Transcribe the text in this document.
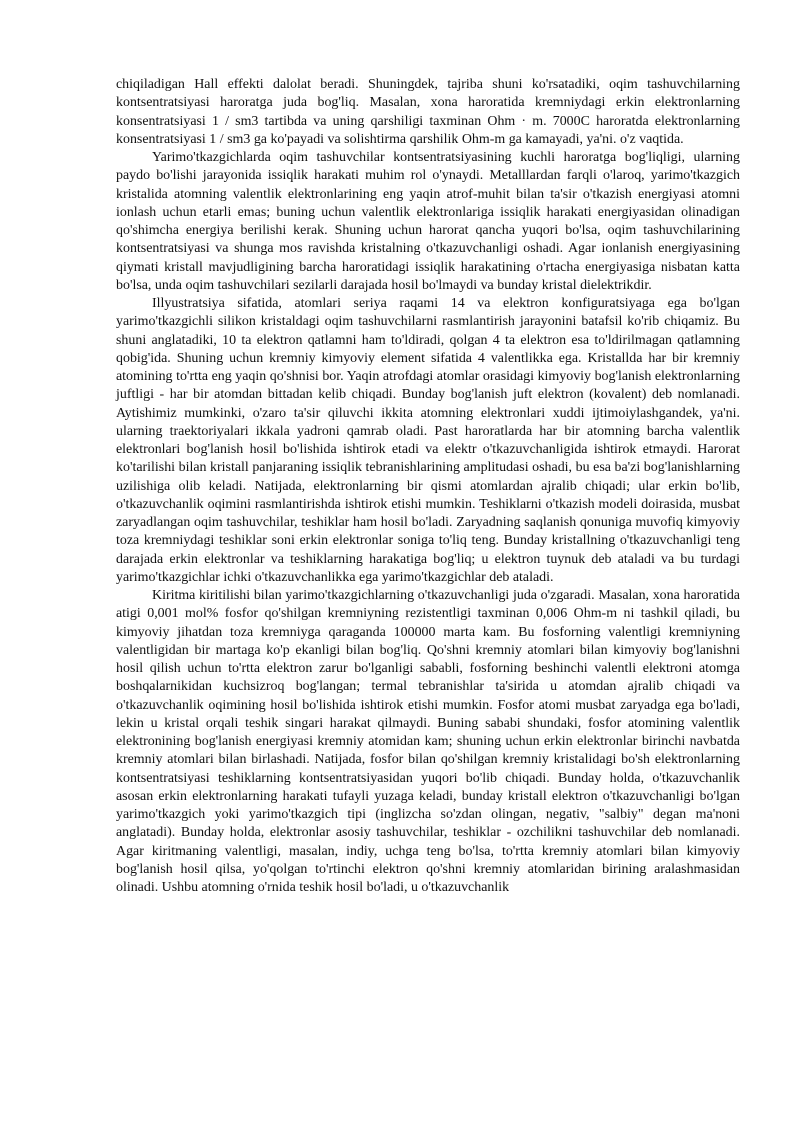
chiqiladigan Hall effekti dalolat beradi. Shuningdek, tajriba shuni ko'rsatadiki, oqim tashuvchilarning kontsentratsiyasi haroratga juda bog'liq. Masalan, xona haroratida kremniydagi erkin elektronlarning konsentratsiyasi 1 / sm3 tartibda va uning qarshiligi taxminan Ohm · m. 7000C haroratda elektronlarning konsentratsiyasi 1 / sm3 ga ko'payadi va solishtirma qarshilik Ohm-m ga kamayadi, ya'ni. o'z vaqtida.

Yarimo'tkazgichlarda oqim tashuvchilar kontsentratsiyasining kuchli haroratga bog'liqligi, ularning paydo bo'lishi jarayonida issiqlik harakati muhim rol o'ynaydi. Metalllardan farqli o'laroq, yarimo'tkazgich kristalida atomning valentlik elektronlarining eng yaqin atrof-muhit bilan ta'sir o'tkazish energiyasi atomni ionlash uchun etarli emas; buning uchun valentlik elektronlariga issiqlik harakati energiyasidan olinadigan qo'shimcha energiya berilishi kerak. Shuning uchun harorat qancha yuqori bo'lsa, oqim tashuvchilarining kontsentratsiyasi va shunga mos ravishda kristalning o'tkazuvchanligi oshadi. Agar ionlanish energiyasining qiymati kristall mavjudligining barcha haroratidagi issiqlik harakatining o'rtacha energiyasiga nisbatan katta bo'lsa, unda oqim tashuvchilari sezilarli darajada hosil bo'lmaydi va bunday kristal dielektrikdir.

Illyustratsiya sifatida, atomlari seriya raqami 14 va elektron konfiguratsiyaga ega bo'lgan yarimo'tkazgichli silikon kristaldagi oqim tashuvchilarni rasmlantirish jarayonini batafsil ko'rib chiqamiz. Bu shuni anglatadiki, 10 ta elektron qatlamni ham to'ldiradi, qolgan 4 ta elektron esa to'ldirilmagan qatlamning qobig'ida. Shuning uchun kremniy kimyoviy element sifatida 4 valentlikka ega. Kristallda har bir kremniy atomining to'rtta eng yaqin qo'shnisi bor. Yaqin atrofdagi atomlar orasidagi kimyoviy bog'lanish elektronlarning juftligi - har bir atomdan bittadan kelib chiqadi. Bunday bog'lanish juft elektron (kovalent) deb nomlanadi. Aytishimiz mumkinki, o'zaro ta'sir qiluvchi ikkita atomning elektronlari xuddi ijtimoiylashgandek, ya'ni. ularning traektoriyalari ikkala yadroni qamrab oladi. Past haroratlarda har bir atomning barcha valentlik elektronlari bog'lanish hosil bo'lishida ishtirok etadi va elektr o'tkazuvchanligida ishtirok etmaydi. Harorat ko'tarilishi bilan kristall panjaraning issiqlik tebranishlarining amplitudasi oshadi, bu esa ba'zi bog'lanishlarning uzilishiga olib keladi. Natijada, elektronlarning bir qismi atomlardan ajralib chiqadi; ular erkin bo'lib, o'tkazuvchanlik oqimini rasmlantirishda ishtirok etishi mumkin. Teshiklarni o'tkazish modeli doirasida, musbat zaryadlangan oqim tashuvchilar, teshiklar ham hosil bo'ladi. Zaryadning saqlanish qonuniga muvofiq kimyoviy toza kremniydagi teshiklar soni erkin elektronlar soniga to'liq teng. Bunday kristallning o'tkazuvchanligi teng darajada erkin elektronlar va teshiklarning harakatiga bog'liq; u elektron tuynuk deb ataladi va bu turdagi yarimo'tkazgichlar ichki o'tkazuvchanlikka ega yarimo'tkazgichlar deb ataladi.

Kiritma kiritilishi bilan yarimo'tkazgichlarning o'tkazuvchanligi juda o'zgaradi. Masalan, xona haroratida atigi 0,001 mol% fosfor qo'shilgan kremniyning rezistentligi taxminan 0,006 Ohm-m ni tashkil qiladi, bu kimyoviy jihatdan toza kremniyga qaraganda 100000 marta kam. Bu fosforning valentligi kremniyning valentligidan bir martaga ko'p ekanligi bilan bog'liq. Qo'shni kremniy atomlari bilan kimyoviy bog'lanishni hosil qilish uchun to'rtta elektron zarur bo'lganligi sababli, fosforning beshinchi valentli elektroni atomga boshqalarnikidan kuchsizroq bog'langan; termal tebranishlar ta'sirida u atomdan ajralib chiqadi va o'tkazuvchanlik oqimining hosil bo'lishida ishtirok etishi mumkin. Fosfor atomi musbat zaryadga ega bo'ladi, lekin u kristal orqali teshik singari harakat qilmaydi. Buning sababi shundaki, fosfor atomining valentlik elektronining bog'lanish energiyasi kremniy atomidan kam; shuning uchun erkin elektronlar birinchi navbatda kremniy atomlari bilan birlashadi. Natijada, fosfor bilan qo'shilgan kremniy kristalidagi bo'sh elektronlarning kontsentratsiyasi teshiklarning kontsentratsiyasidan yuqori bo'lib chiqadi. Bunday holda, o'tkazuvchanlik asosan erkin elektronlarning harakati tufayli yuzaga keladi, bunday kristall elektron o'tkazuvchanligi bo'lgan yarimo'tkazgich yoki yarimo'tkazgich tipi (inglizcha so'zdan olingan, negativ, "salbiy" degan ma'noni anglatadi). Bunday holda, elektronlar asosiy tashuvchilar, teshiklar - ozchilikni tashuvchilar deb nomlanadi. Agar kiritmaning valentligi, masalan, indiy, uchga teng bo'lsa, to'rtta kremniy atomlari bilan kimyoviy bog'lanish hosil qilsa, yo'qolgan to'rtinchi elektron qo'shni kremniy atomlaridan birining aralashmasidan olinadi. Ushbu atomning o'rnida teshik hosil bo'ladi, u o'tkazuvchanlik
